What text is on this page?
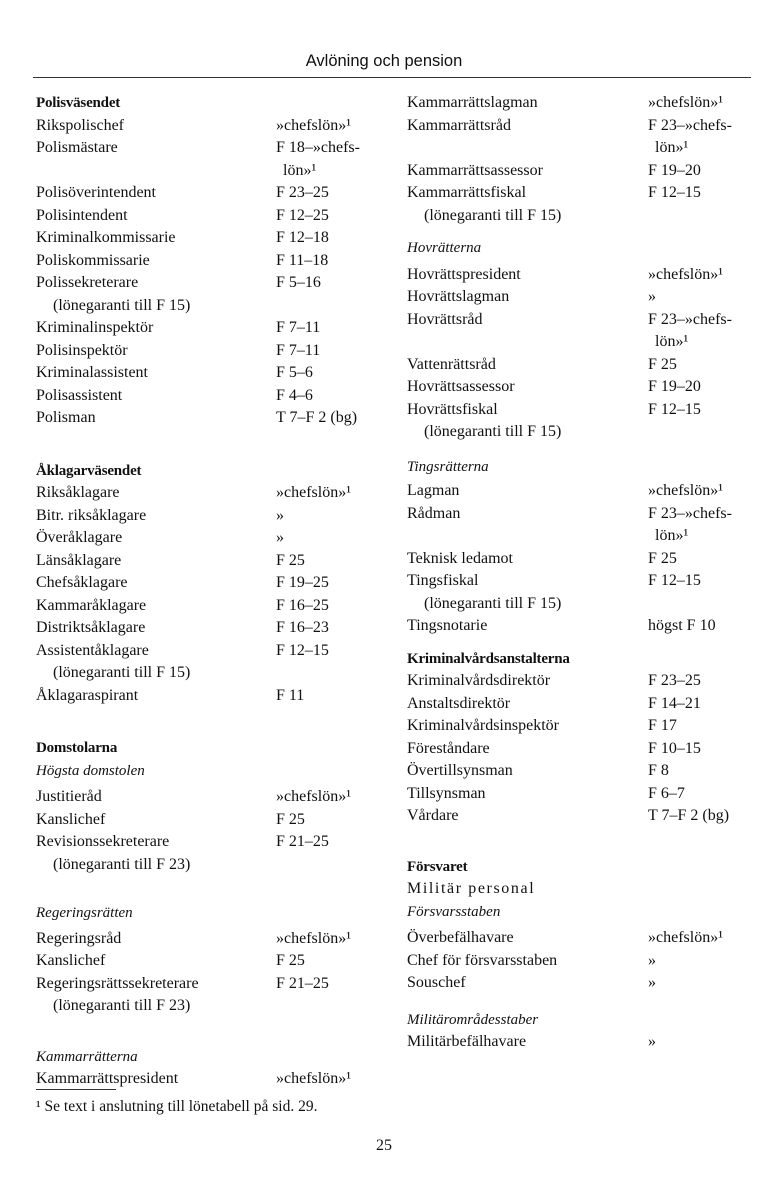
Avlöning och pension
Polisväsendet
Rikspolischef	»chefslön»¹
Polismästare	F 18–»chefs-
lön»¹
Polisöverintendent	F 23–25
Polisintendent	F 12–25
Kriminalkommissarie	F 12–18
Poliskommissarie	F 11–18
Polissekreterare	F 5–16
(lönegaranti till F 15)
Kriminalinspektör	F 7–11
Polisinspektör	F 7–11
Kriminalassistent	F 5–6
Polisassistent	F 4–6
Polisman	T 7–F 2 (bg)
Åklagarväsendet
Riksåklagare	»chefslön»¹
Bitr. riksåklagare	»
Överåklagare	»
Länsåklagare	F 25
Chefsåklagare	F 19–25
Kammaråklagare	F 16–25
Distriktsåklagare	F 16–23
Assistentåklagare	F 12–15
(lönegaranti till F 15)
Åklagaraspirant	F 11
Domstolarna
Högsta domstolen
Justitieråd	»chefslön»¹
Kanslichef	F 25
Revisionssekreterare	F 21–25
(lönegaranti till F 23)
Regeringsrätten
Regeringsråd	»chefslön»¹
Kanslichef	F 25
Regeringsrättssekreterare	F 21–25
(lönegaranti till F 23)
Kammarrätterna
Kammarrättspresident	»chefslön»¹
Kammarrättslagman	»chefslön»¹
Kammarrättsråd	F 23–»chefs-
lön»¹
Kammarrättsassessor	F 19–20
Kammarrättsfiskal	F 12–15
(lönegaranti till F 15)
Hovrätterna
Hovrättspresident	»chefslön»¹
Hovrättslagman	»
Hovrättsråd	F 23–»chefs-
lön»¹
Vattenrättsråd	F 25
Hovrättsassessor	F 19–20
Hovrättsfiskal	F 12–15
(lönegaranti till F 15)
Tingsrätterna
Lagman	»chefslön»¹
Rådman	F 23–»chefs-
lön»¹
Teknisk ledamot	F 25
Tingsfiskal	F 12–15
(lönegaranti till F 15)
Tingsnotarie	högst F 10
Kriminalvårdsanstalterna
Kriminalvårdsdirektör	F 23–25
Anstaltsdirektör	F 14–21
Kriminalvårdsinspektör	F 17
Föreståndare	F 10–15
Övertillsynsman	F 8
Tillsynsman	F 6–7
Vårdare	T 7–F 2 (bg)
Försvaret
Militär personal
Försvarsstaben
Överbefälhavare	»chefslön»¹
Chef för försvarsstaben	»
Souschef	»
Militärområdesstaber
Militärbefälhavare	»
¹ Se text i anslutning till lönetabell på sid. 29.
25
